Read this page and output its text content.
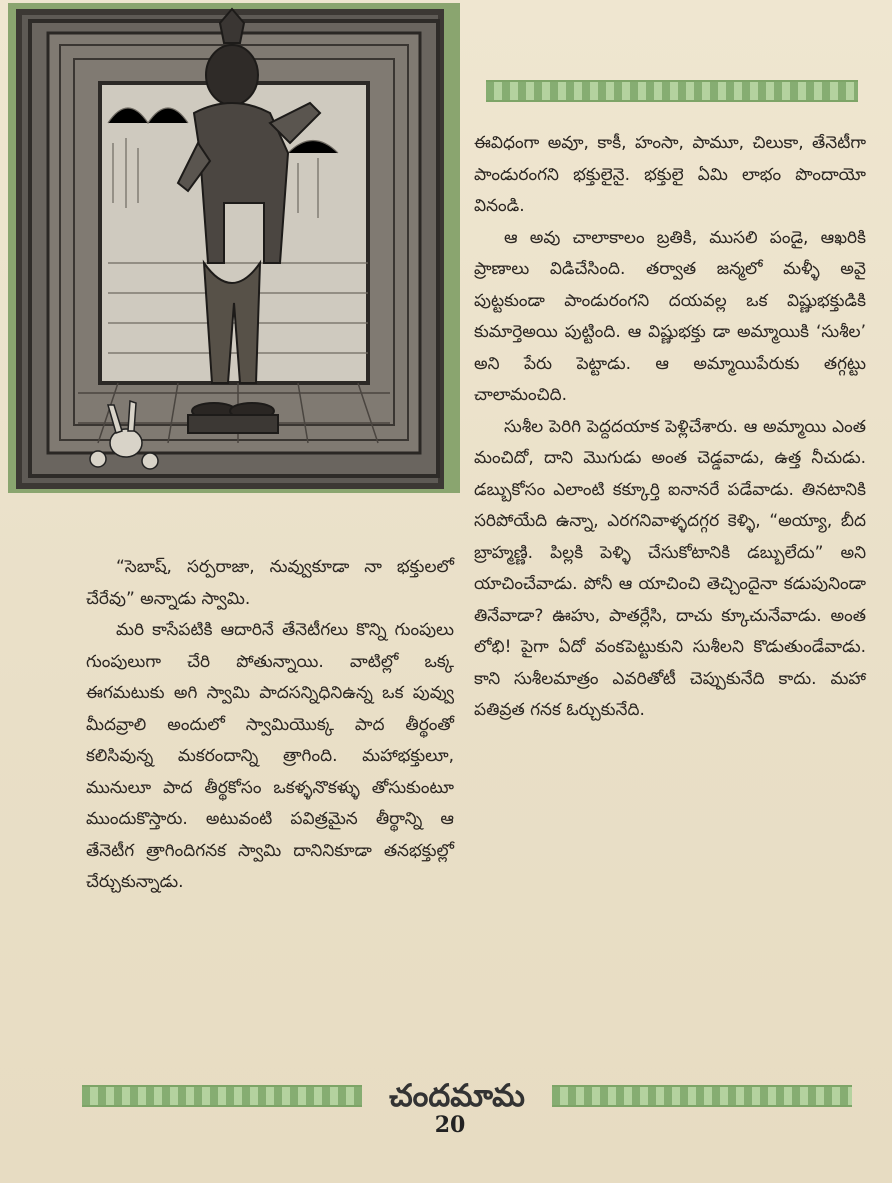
ఈవిధంగా అవూ, కాకీ, హంసా, పామూ, చిలుకా, తేనెటీగా పాండురంగని భక్తులైనై. భక్తులై ఏమి లాభం పొందాయో వినండి.

ఆ అవు చాలాకాలం బ్రతికి, ముసలి పండై, ఆఖరికి ప్రాణాలు విడిచేసింది. తర్వాత జన్మలో మళ్ళీ అవై పుట్టకుండా పాండురంగని దయవల్ల ఒక విష్ణుభక్తుడికి కుమార్తెఅయి పుట్టింది. ఆ విష్ణుభక్తు డా అమ్మాయికి ‘సుశీల’ అని పేరు పెట్టాడు. ఆ అమ్మాయిపేరుకు తగ్గట్టు చాలామంచిది.

సుశీల పెరిగి పెద్దదయాక పెళ్లిచేశారు. ఆ అమ్మాయి ఎంత మంచిదో, దాని మొగుడు అంత చెడ్డవాడు, ఉత్త నీచుడు. డబ్బుకోసం ఎలాంటి కక్కూర్తి ఐనానరే పడేవాడు. తినటానికి సరిపోయేది ఉన్నా, ఎరగనివాళ్ళదగ్గర కెళ్ళి, “అయ్యా, బీద బ్రాహ్మణ్ణి. పిల్లకి పెళ్ళి చేసుకోటానికి డబ్బులేదు” అని యాచించేవాడు. పోనీ ఆ యాచించి తెచ్చిందైనా కడుపునిండా తినేవాడా? ఊహు, పాతర్లేసి, దాచు క్కూచునేవాడు. అంత లోభి! పైగా ఏదో వంకపెట్టుకుని సుశీలని కొడుతుండేవాడు. కాని సుశీలమాత్రం ఎవరితోటీ చెప్పుకునేది కాదు. మహా పతివ్రత గనక ఓర్చుకునేది.

“సెబాష్, సర్పరాజా, నువ్వుకూడా నా భక్తులలో చేరేవు” అన్నాడు స్వామి.

మరి కాసేపటికి ఆదారినే తేనెటీగలు కొన్ని గుంపులు గుంపులుగా చేరి పోతున్నాయి. వాటిల్లో ఒక్క ఈగమటుకు అగి స్వామి పాదసన్నిధినిఉన్న ఒక పువ్వు మీదవ్రాలి అందులో స్వామియొక్క పాద తీర్థంతో కలిసివున్న మకరందాన్ని త్రాగింది. మహాభక్తులూ, మునులూ పాద తీర్థకోసం ఒకళ్ళనొకళ్ళు తోసుకుంటూ ముందుకొస్తారు. అటువంటి పవిత్రమైన తీర్థాన్ని ఆ తేనెటీగ త్రాగిందిగనక స్వామి దానినికూడా తనభక్తుల్లో చేర్చుకున్నాడు.

చందమామ
20
